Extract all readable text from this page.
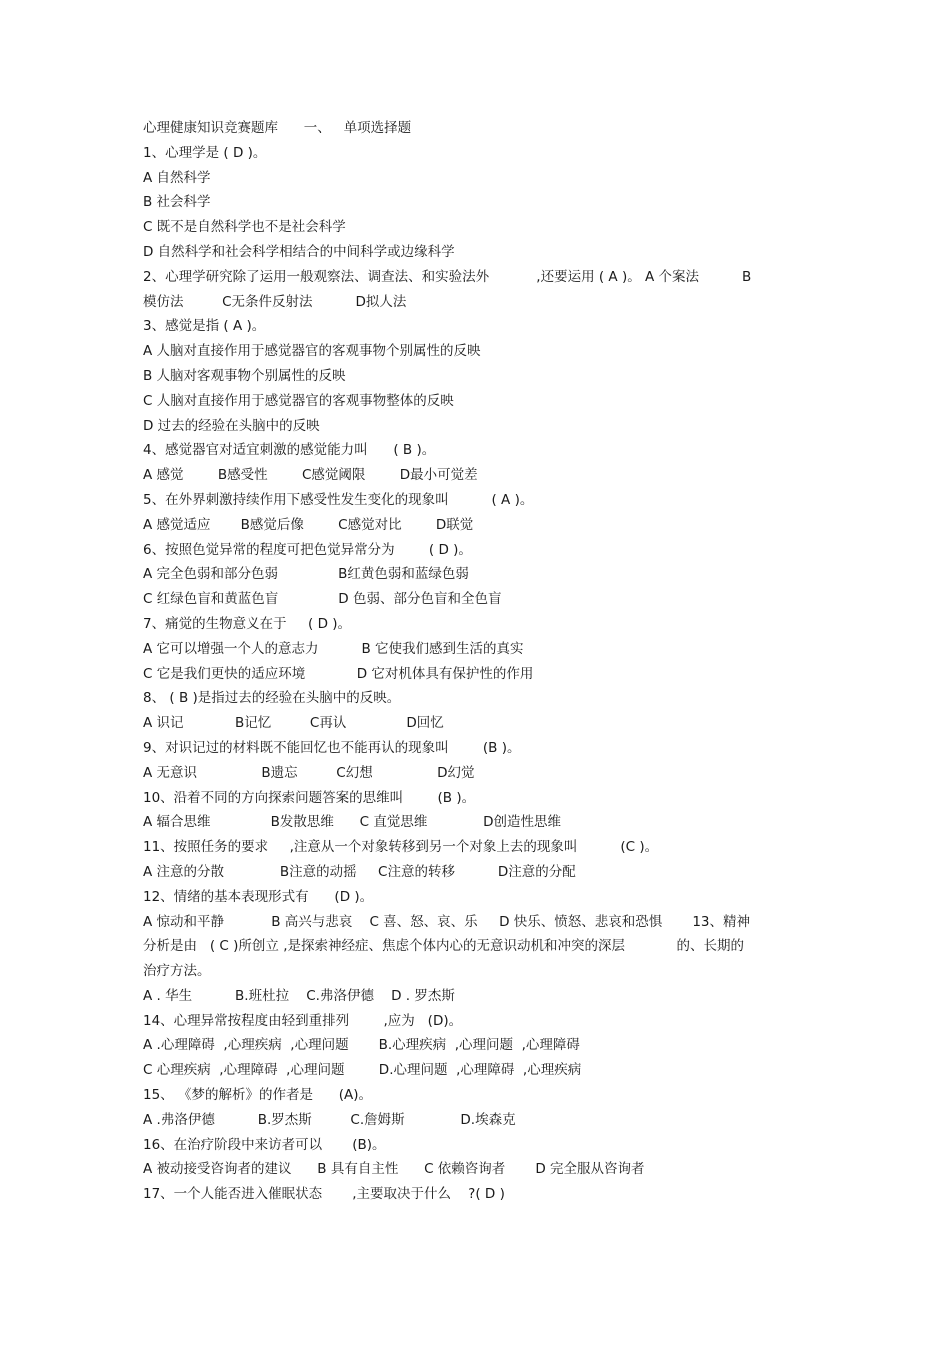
心理健康知识竞赛题库      一、   单项选择题
1、心理学是 ( D )。
A 自然科学
B 社会科学
C 既不是自然科学也不是社会科学
D 自然科学和社会科学相结合的中间科学或边缘科学
2、心理学研究除了运用一般观察法、调查法、和实验法外           ,还要运用 ( A )。 A 个案法          B
模仿法         C无条件反射法          D拟人法
3、感觉是指 ( A )。
A 人脑对直接作用于感觉器官的客观事物个别属性的反映
B 人脑对客观事物个别属性的反映
C 人脑对直接作用于感觉器官的客观事物整体的反映
D 过去的经验在头脑中的反映
4、感觉器官对适宜刺激的感觉能力叫      ( B )。
A 感觉        B感受性        C感觉阈限        D最小可觉差
5、在外界刺激持续作用下感受性发生变化的现象叫          ( A )。
A 感觉适应       B感觉后像        C感觉对比        D联觉
6、按照色觉异常的程度可把色觉异常分为        ( D )。
A 完全色弱和部分色弱              B红黄色弱和蓝绿色弱
C 红绿色盲和黄蓝色盲              D 色弱、部分色盲和全色盲
7、痛觉的生物意义在于     ( D )。
A 它可以增强一个人的意志力          B 它使我们感到生活的真实
C 它是我们更快的适应环境            D 它对机体具有保护性的作用
8、 ( B )是指过去的经验在头脑中的反映。
A 识记            B记忆         C再认              D回忆
9、对识记过的材料既不能回忆也不能再认的现象叫        (B )。
A 无意识               B遗忘         C幻想               D幻觉
10、沿着不同的方向探索问题答案的思维叫        (B )。
A 辐合思维              B发散思维      C 直觉思维             D创造性思维
11、按照任务的要求     ,注意从一个对象转移到另一个对象上去的现象叫          (C )。
A 注意的分散             B注意的动摇     C注意的转移          D注意的分配
12、情绪的基本表现形式有      (D )。
A 惊动和平静           B 高兴与悲哀    C 喜、怒、哀、乐     D 快乐、愤怒、悲哀和恐惧       13、精神
分析是由   ( C )所创立 ,是探索神经症、焦虑个体内心的无意识动机和冲突的深层            的、长期的
治疗方法。
A . 华生          B.班杜拉    C.弗洛伊德    D . 罗杰斯
14、心理异常按程度由轻到重排列        ,应为   (D)。
A .心理障碍  ,心理疾病  ,心理问题       B.心理疾病  ,心理问题  ,心理障碍
C 心理疾病  ,心理障碍  ,心理问题        D.心理问题  ,心理障碍  ,心理疾病
15、 《梦的解析》的作者是      (A)。
A .弗洛伊德          B.罗杰斯         C.詹姆斯             D.埃森克
16、在治疗阶段中来访者可以       (B)。
A 被动接受咨询者的建议      B 具有自主性      C 依赖咨询者       D 完全服从咨询者
17、一个人能否进入催眠状态       ,主要取决于什么    ?( D )
